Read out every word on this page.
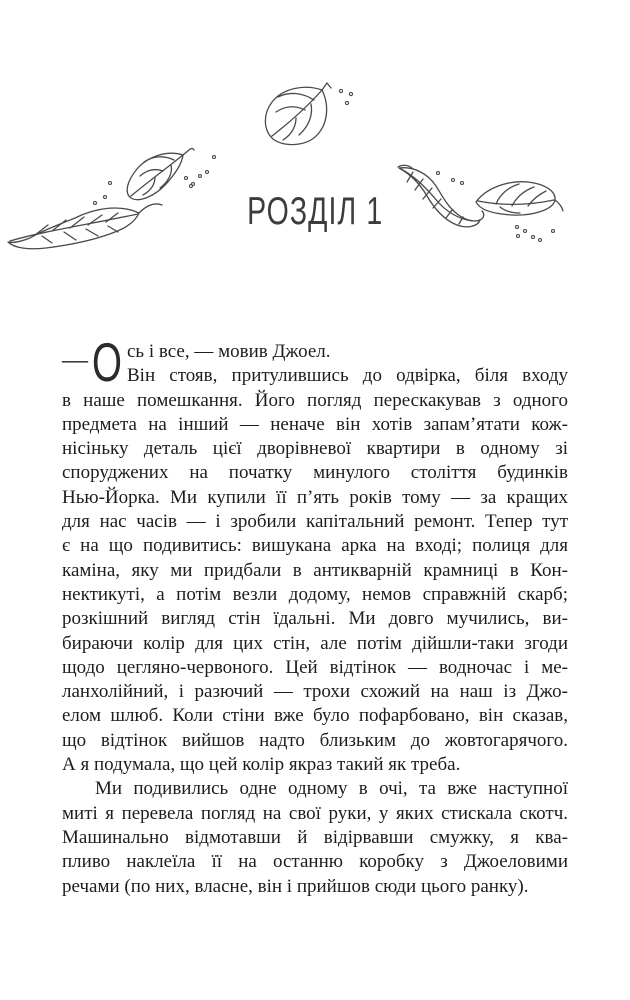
РОЗДІЛ 1
— О сь і все, — мовив Джоел.
Він стояв, притулившись до одвірка, біля входу
в наше помешкання. Його погляд перескакував з одного
предмета на інший — неначе він хотів запам’ятати кож-
нісіньку деталь цієї дворівневої квартири в одному зі
споруджених на початку минулого століття будинків
Нью-Йорка. Ми купили її п’ять років тому — за кращих
для нас часів — і зробили капітальний ремонт. Тепер тут
є на що подивитись: вишукана арка на вході; полиця для
каміна, яку ми придбали в антикварній крамниці в Кон-
нектикуті, а потім везли додому, немов справжній скарб;
розкішний вигляд стін їдальні. Ми довго мучились, ви-
бираючи колір для цих стін, але потім дійшли-таки згоди
щодо цегляно-червоного. Цей відтінок — водночас і ме-
ланхолійний, і разючий — трохи схожий на наш із Джо-
елом шлюб. Коли стіни вже було пофарбовано, він сказав,
що відтінок вийшов надто близьким до жовтогарячого.
А я подумала, що цей колір якраз такий як треба.
Ми подивились одне одному в очі, та вже наступної
миті я перевела погляд на свої руки, у яких стискала скотч.
Машинально відмотавши й відірвавши смужку, я ква-
пливо наклеїла її на останню коробку з Джоеловими
речами (по них, власне, він і прийшов сюди цього ранку).
